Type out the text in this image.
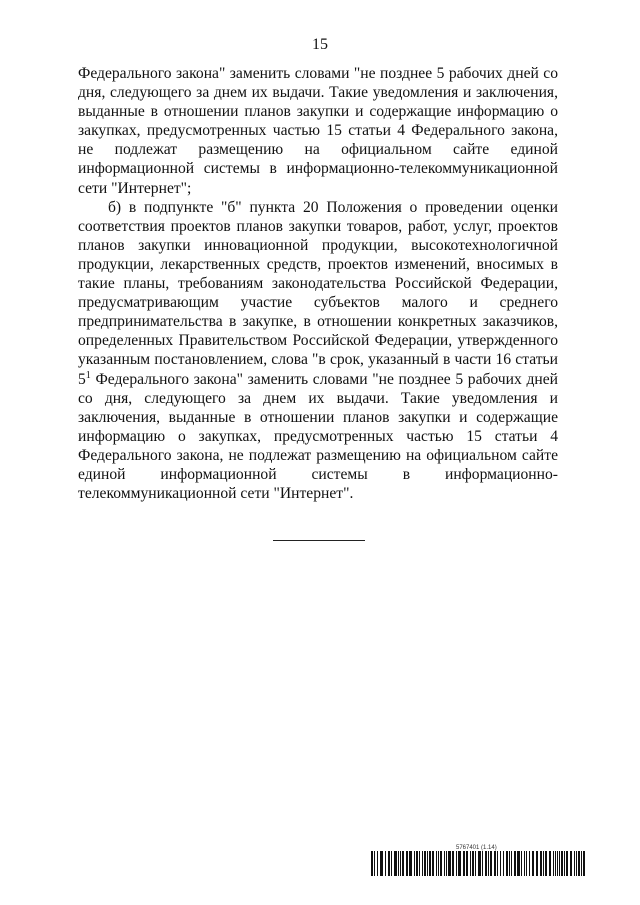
15

Федерального закона" заменить словами "не позднее 5 рабочих дней со дня, следующего за днем их выдачи. Такие уведомления и заключения, выданные в отношении планов закупки и содержащие информацию о закупках, предусмотренных частью 15 статьи 4 Федерального закона, не подлежат размещению на официальном сайте единой информационной системы в информационно-телекоммуникационной сети "Интернет";

б) в подпункте "б" пункта 20 Положения о проведении оценки соответствия проектов планов закупки товаров, работ, услуг, проектов планов закупки инновационной продукции, высокотехнологичной продукции, лекарственных средств, проектов изменений, вносимых в такие планы, требованиям законодательства Российской Федерации, предусматривающим участие субъектов малого и среднего предпринимательства в закупке, в отношении конкретных заказчиков, определенных Правительством Российской Федерации, утвержденного указанным постановлением, слова "в срок, указанный в части 16 статьи $5^1$ Федерального закона" заменить словами "не позднее 5 рабочих дней со дня, следующего за днем их выдачи. Такие уведомления и заключения, выданные в отношении планов закупки и содержащие информацию о закупках, предусмотренных частью 15 статьи 4 Федерального закона, не подлежат размещению на официальном сайте единой информационной системы в информационно-телекоммуникационной сети "Интернет".

5767401 (1.14)
